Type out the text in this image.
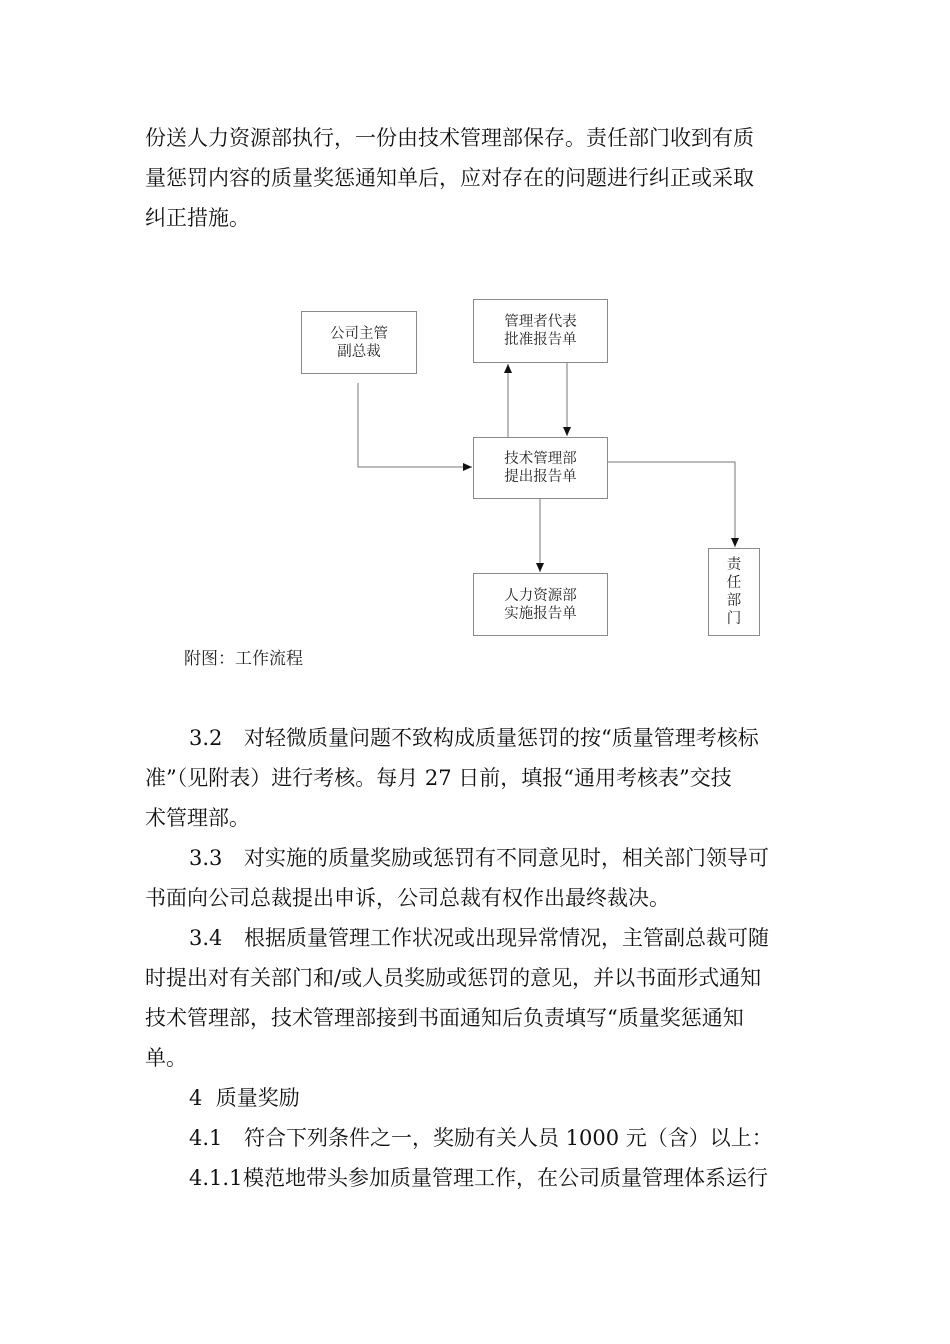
份送人力资源部执行，一份由技术管理部保存。责任部门收到有质
量惩罚内容的质量奖惩通知单后，应对存在的问题进行纠正或采取
纠正措施。
公司主管
副总裁
管理者代表
批准报告单
技术管理部
提出报告单
人力资源部
实施报告单
责
任
部
门
附图：工作流程
3.2 对轻微质量问题不致构成质量惩罚的按“质量管理考核标
准”（见附表）进行考核。每月 27 日前，填报“通用考核表”交技
术管理部。
3.3 对实施的质量奖励或惩罚有不同意见时，相关部门领导可
书面向公司总裁提出申诉，公司总裁有权作出最终裁决。
3.4 根据质量管理工作状况或出现异常情况，主管副总裁可随
时提出对有关部门和/或人员奖励或惩罚的意见，并以书面形式通知
技术管理部，技术管理部接到书面通知后负责填写“质量奖惩通知
单。
4  质量奖励
4.1 符合下列条件之一，奖励有关人员 1000 元（含）以上：
4.1.1模范地带头参加质量管理工作，在公司质量管理体系运行
